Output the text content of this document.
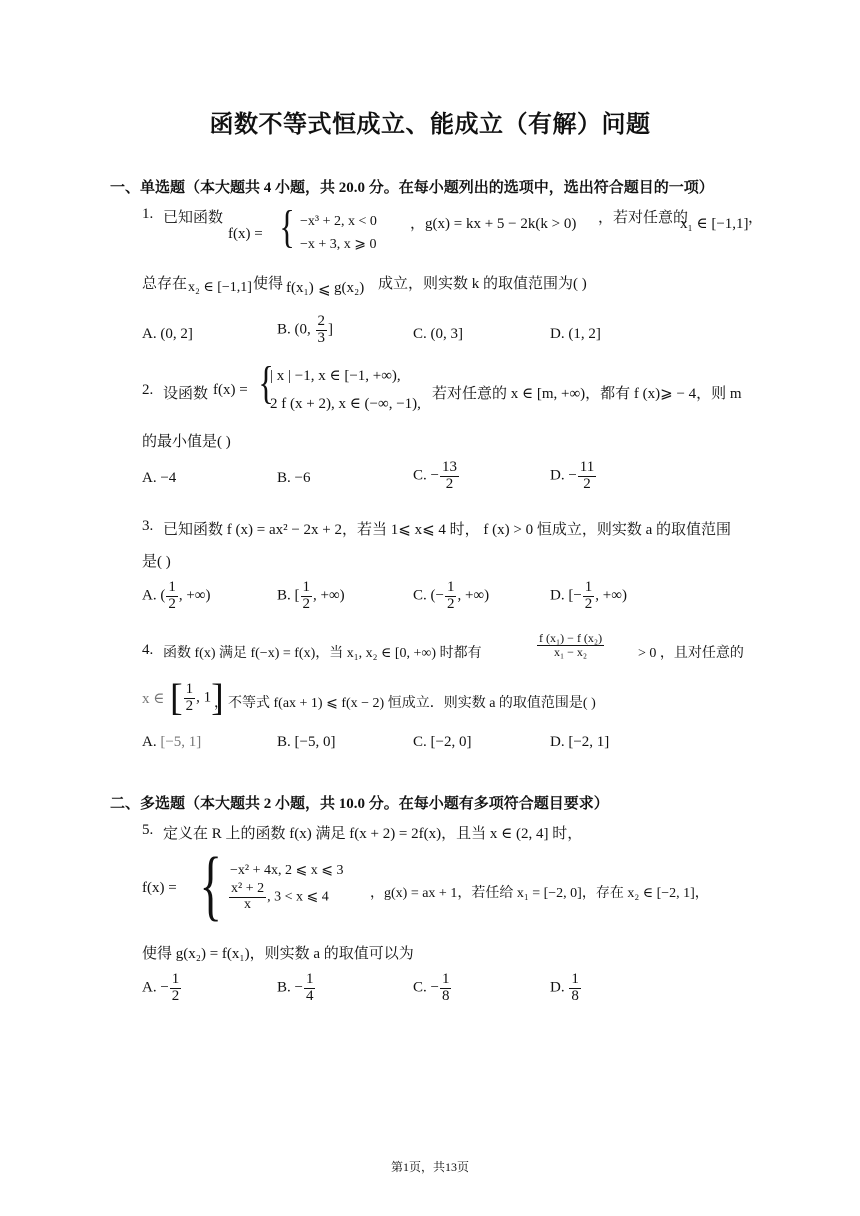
函数不等式恒成立、能成立（有解）问题
一、单选题（本大题共 4 小题，共 20.0 分。在每小题列出的选项中，选出符合题目的一项）
1. 已知函数
f(x) = { −x³ + 2, x < 0
−x + 3, x ⩾ 0
，g(x) = kx + 5 − 2k(k > 0) ，若对任意的
x₁ ∈ [−1,1] ，
总存在 x₂ ∈ [−1,1] 使得 f(x₁) ⩽ g(x₂) 成立，则实数 k 的取值范围为( )
A. (0, 2]	B. (0, $\frac{2}{3}$ ]	C. (0, 3]	D. (1, 2]
2. 设函数 f(x) = {
| x | −1, x ∈ [−1, +∞),
2 f (x + 2), x ∈ (−∞, −1),
若对任意的 x ∈ [m, +∞)，都有 f (x)⩾ − 4，则 m
的最小值是( )
A. −4	B. −6	C. − $\frac{13}{2}$	D. − $\frac{11}{2}$
3. 已知函数 f (x) = ax² − 2x + 2，若当 1⩽ x⩽ 4 时， f (x) > 0 恒成立，则实数 a 的取值范围
是( )
A. ( $\frac{1}{2}$ , +∞)	B. [ $\frac{1}{2}$ , +∞)	C. (− $\frac{1}{2}$ , +∞)	D. [− $\frac{1}{2}$ , +∞)
4. 函数 f(x) 满足 f(−x) = f(x)，当 x₁, x₂ ∈ [0, +∞) 时都有	$\frac{\text{f (x₁) − f (x₂)}}{\text{x₁ − x₂}} > 0$ ，且对任意的
x ∈ [ $\frac{1}{2}$ , 1]
，不等式 f(ax + 1) ⩽ f(x − 2) 恒成立．则实数 a 的取值范围是( )
A. [−5, 1]	B. [−5, 0]	C. [−2, 0]	D. [−2, 1]
二、多选题（本大题共 2 小题，共 10.0 分。在每小题有多项符合题目要求）
5. 定义在 R 上的函数 f(x) 满足 f(x + 2) = 2f(x)，且当 x ∈ (2, 4] 时，
f(x) = { −x² + 4x, 2 ⩽ x ⩽ 3
$\frac{\text{x² + 2}}{x}$ , 3 < x ⩽ 4	，g(x) = ax + 1，若任给 x₁ = [−2, 0]，存在 x₂ ∈ [−2, 1]，
使得 g(x₂) = f(x₁)，则实数 a 的取值可以为
A. − $\frac{1}{2}$	B. − $\frac{1}{4}$	C. − $\frac{1}{8}$	D. $\frac{1}{8}$
第1页，共13页
